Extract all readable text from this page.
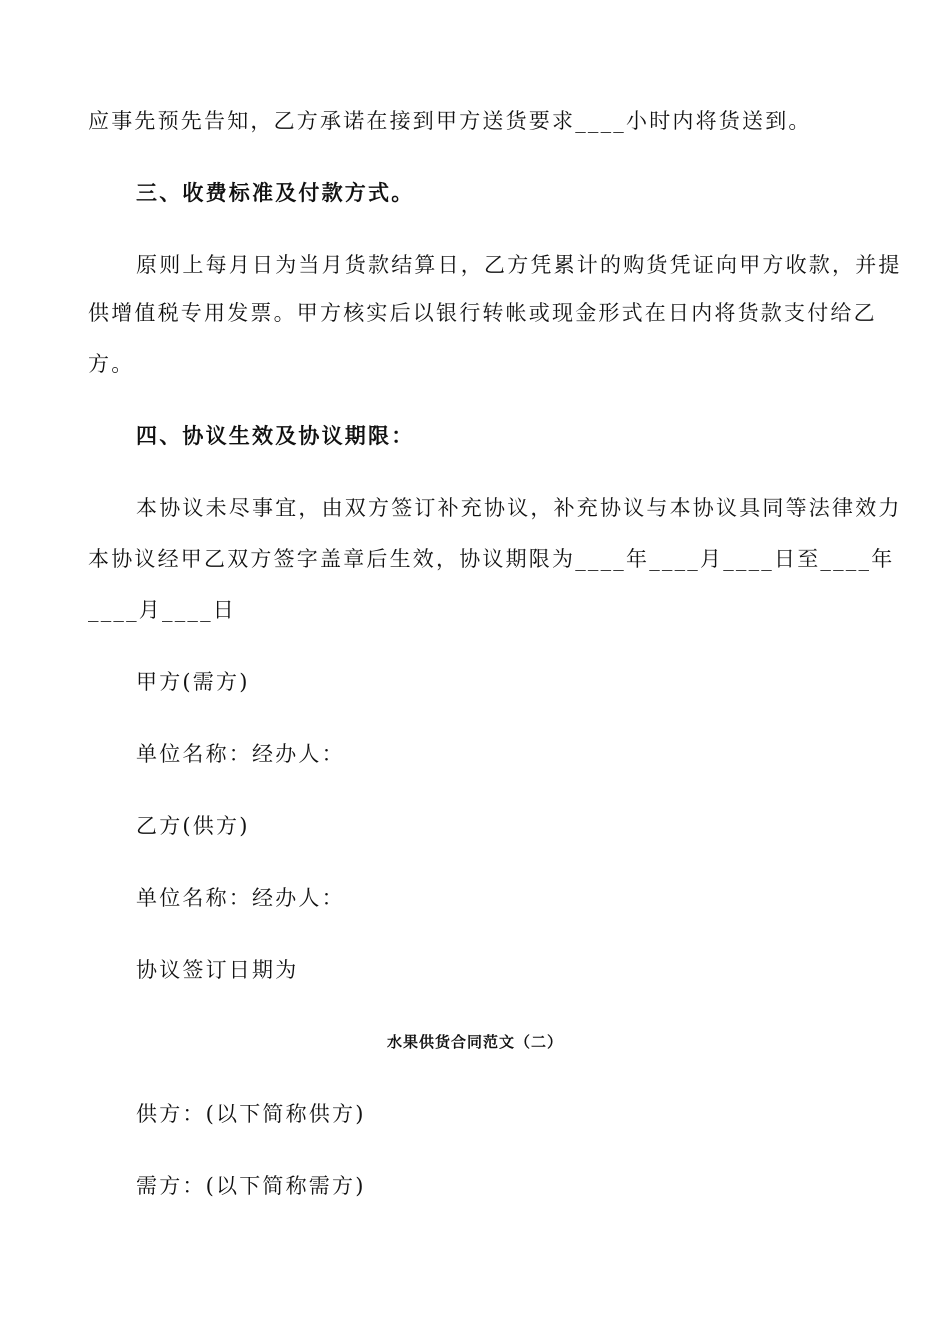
应事先预先告知，乙方承诺在接到甲方送货要求____小时内将货送到。
三、收费标准及付款方式。
原则上每月日为当月货款结算日，乙方凭累计的购货凭证向甲方收款，并提
供增值税专用发票。甲方核实后以银行转帐或现金形式在日内将货款支付给乙
方。
四、协议生效及协议期限：
本协议未尽事宜，由双方签订补充协议，补充协议与本协议具同等法律效力
本协议经甲乙双方签字盖章后生效，协议期限为____年____月____日至____年
____月____日
甲方(需方)
单位名称：经办人：
乙方(供方)
单位名称：经办人：
协议签订日期为
水果供货合同范文（二）
供方：(以下简称供方)
需方：(以下简称需方)
